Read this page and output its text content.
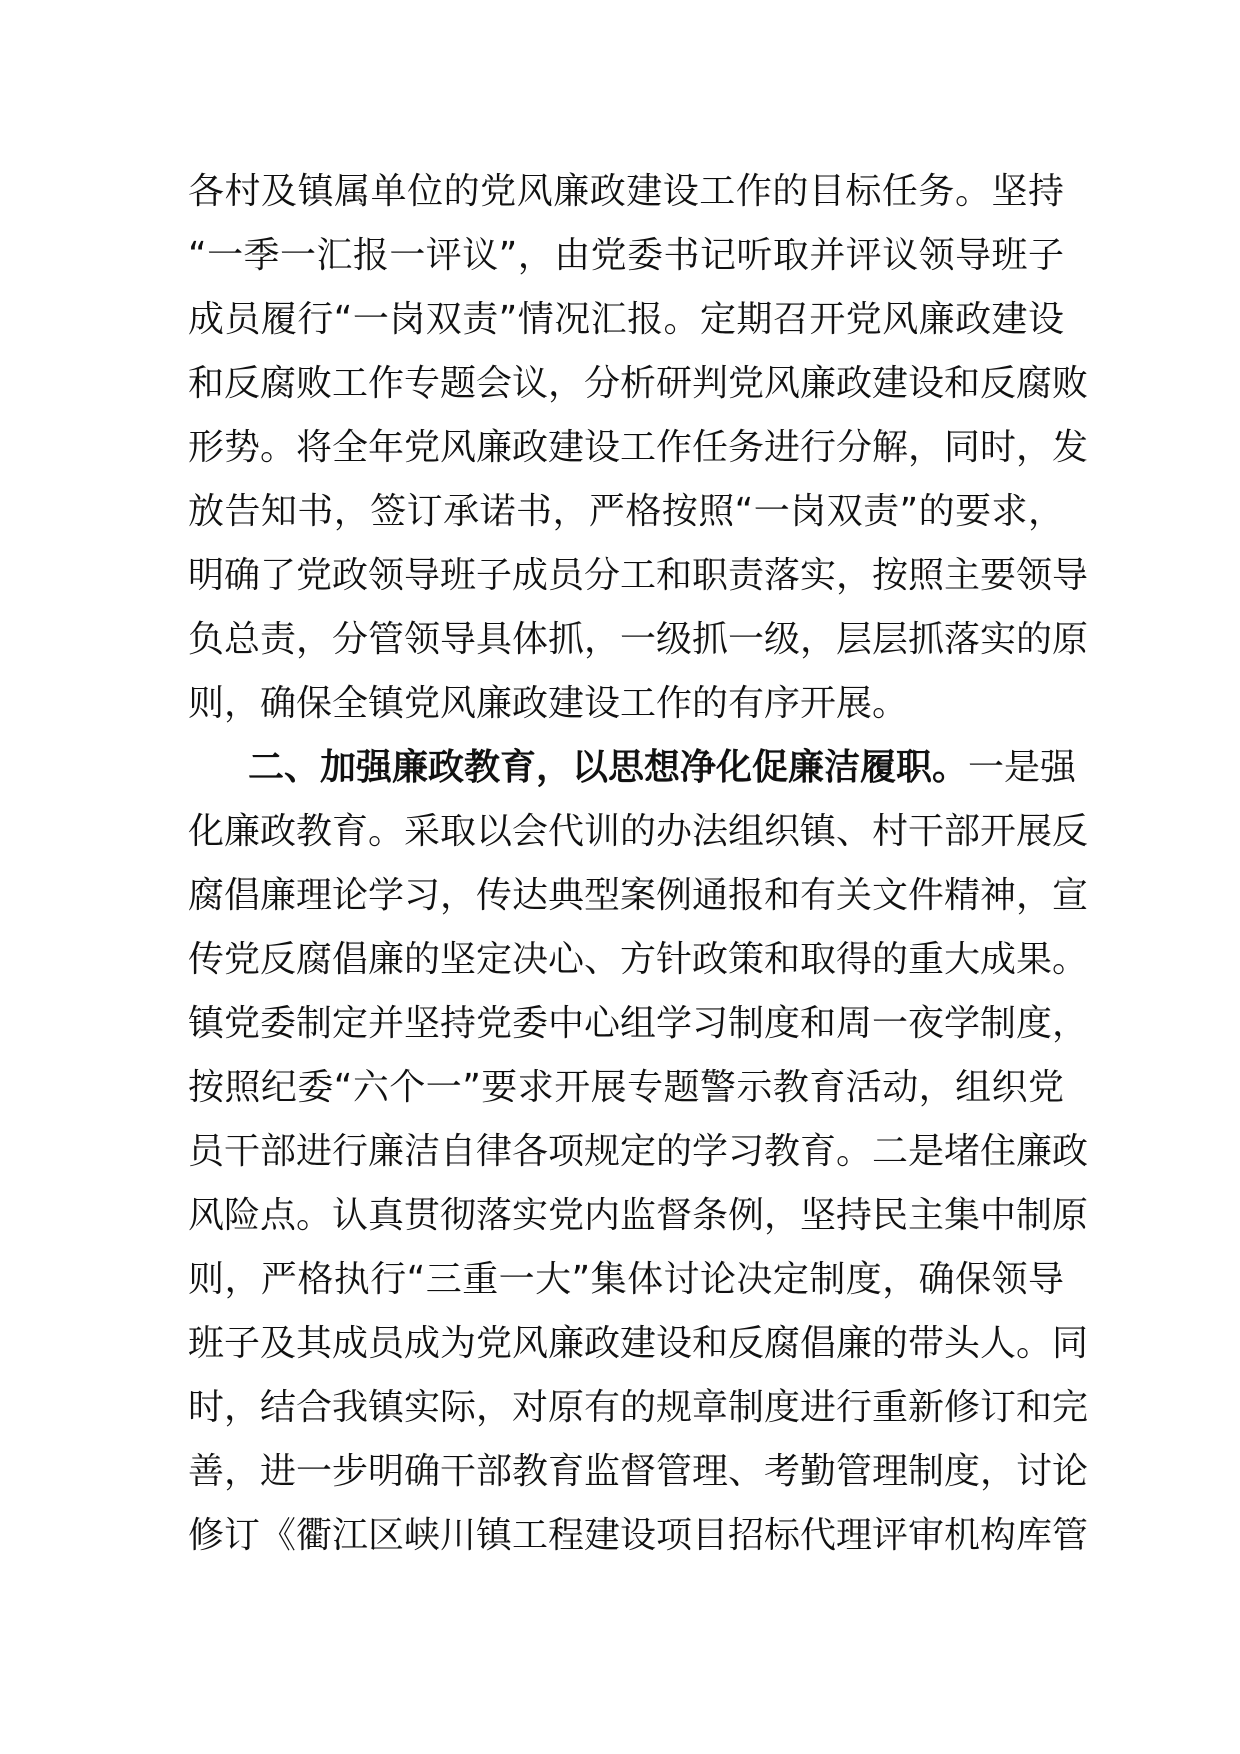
各村及镇属单位的党风廉政建设工作的目标任务。坚持
“一季一汇报一评议”，由党委书记听取并评议领导班子
成员履行“一岗双责”情况汇报。定期召开党风廉政建设
和反腐败工作专题会议，分析研判党风廉政建设和反腐败
形势。将全年党风廉政建设工作任务进行分解，同时，发
放告知书，签订承诺书，严格按照“一岗双责”的要求，
明确了党政领导班子成员分工和职责落实，按照主要领导
负总责，分管领导具体抓，一级抓一级，层层抓落实的原
则，确保全镇党风廉政建设工作的有序开展。
二、加强廉政教育，以思想净化促廉洁履职。一是强
化廉政教育。采取以会代训的办法组织镇、村干部开展反
腐倡廉理论学习，传达典型案例通报和有关文件精神，宣
传党反腐倡廉的坚定决心、方针政策和取得的重大成果。
镇党委制定并坚持党委中心组学习制度和周一夜学制度，
按照纪委“六个一”要求开展专题警示教育活动，组织党
员干部进行廉洁自律各项规定的学习教育。二是堵住廉政
风险点。认真贯彻落实党内监督条例，坚持民主集中制原
则，严格执行“三重一大”集体讨论决定制度，确保领导
班子及其成员成为党风廉政建设和反腐倡廉的带头人。同
时，结合我镇实际，对原有的规章制度进行重新修订和完
善，进一步明确干部教育监督管理、考勤管理制度，讨论
修订《衢江区峡川镇工程建设项目招标代理评审机构库管
